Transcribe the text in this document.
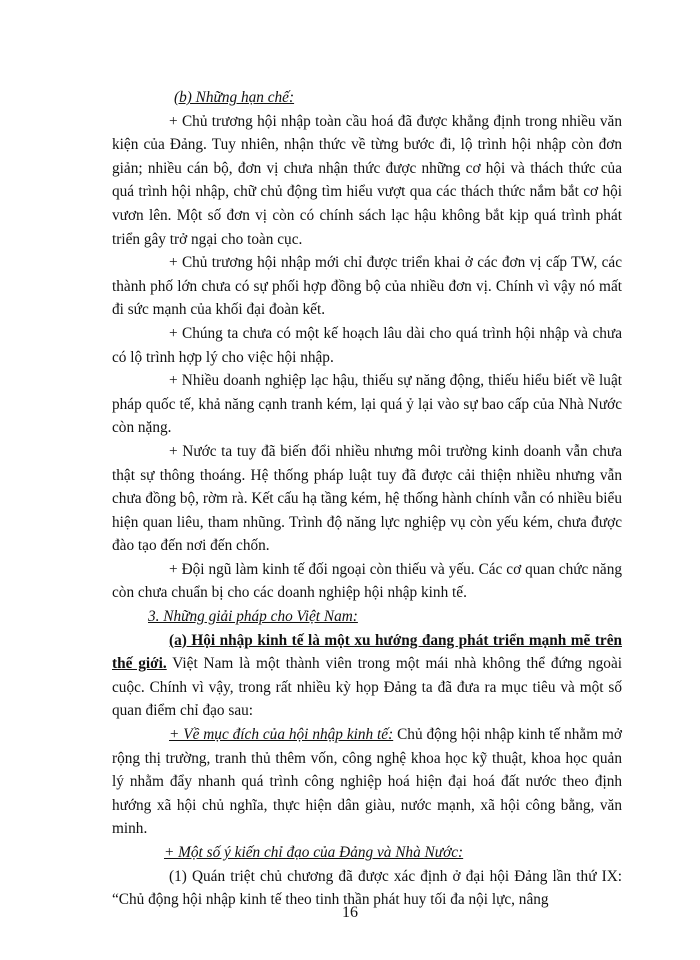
(b) Những hạn chế:

+ Chủ trương hội nhập toàn cầu hoá đã được khẳng định trong nhiều văn kiện của Đảng. Tuy nhiên, nhận thức về từng bước đi, lộ trình hội nhập còn đơn giản; nhiều cán bộ, đơn vị chưa nhận thức được những cơ hội và thách thức của quá trình hội nhập, chữ chủ động tìm hiểu vượt qua các thách thức nắm bắt cơ hội vươn lên. Một số đơn vị còn có chính sách lạc hậu không bắt kịp quá trình phát triển gây trở ngại cho toàn cục.

+ Chủ trương hội nhập mới chỉ được triển khai ở các đơn vị cấp TW, các thành phố lớn chưa có sự phối hợp đồng bộ của nhiều đơn vị. Chính vì vậy nó mất đi sức mạnh của khối đại đoàn kết.

+ Chúng ta chưa có một kế hoạch lâu dài cho quá trình hội nhập và chưa có lộ trình hợp lý cho việc hội nhập.

+ Nhiều doanh nghiệp lạc hậu, thiếu sự năng động, thiếu hiểu biết về luật pháp quốc tế, khả năng cạnh tranh kém, lại quá ỷ lại vào sự bao cấp của Nhà Nước còn nặng.

+ Nước ta tuy đã biến đổi nhiều nhưng môi trường kinh doanh vẫn chưa thật sự thông thoáng. Hệ thống pháp luật tuy đã được cải thiện nhiều nhưng vẫn chưa đồng bộ, rờm rà. Kết cấu hạ tầng kém, hệ thống hành chính vẫn có nhiều biểu hiện quan liêu, tham nhũng. Trình độ năng lực nghiệp vụ còn yếu kém, chưa được đào tạo đến nơi đến chốn.

+ Đội ngũ làm kinh tế đối ngoại còn thiếu và yếu. Các cơ quan chức năng còn chưa chuẩn bị cho các doanh nghiệp hội nhập kinh tế.

3. Những giải pháp cho Việt Nam:

(a) Hội nhập kinh tế là một xu hướng đang phát triển mạnh mẽ trên thế giới. Việt Nam là một thành viên trong một mái nhà không thể đứng ngoài cuộc. Chính vì vậy, trong rất nhiều kỳ họp Đảng ta đã đưa ra mục tiêu và một số quan điểm chỉ đạo sau:

+ Về mục đích của hội nhập kinh tế: Chủ động hội nhập kinh tế nhằm mở rộng thị trường, tranh thủ thêm vốn, công nghệ khoa học kỹ thuật, khoa học quản lý nhằm đẩy nhanh quá trình công nghiệp hoá hiện đại hoá đất nước theo định hướng xã hội chủ nghĩa, thực hiện dân giàu, nước mạnh, xã hội công bằng, văn minh.

+ Một số ý kiến chỉ đạo của Đảng và Nhà Nước:

(1) Quán triệt chủ chương đã được xác định ở đại hội Đảng lần thứ IX: “Chủ động hội nhập kinh tế theo tinh thần phát huy tối đa nội lực, nâng

16
